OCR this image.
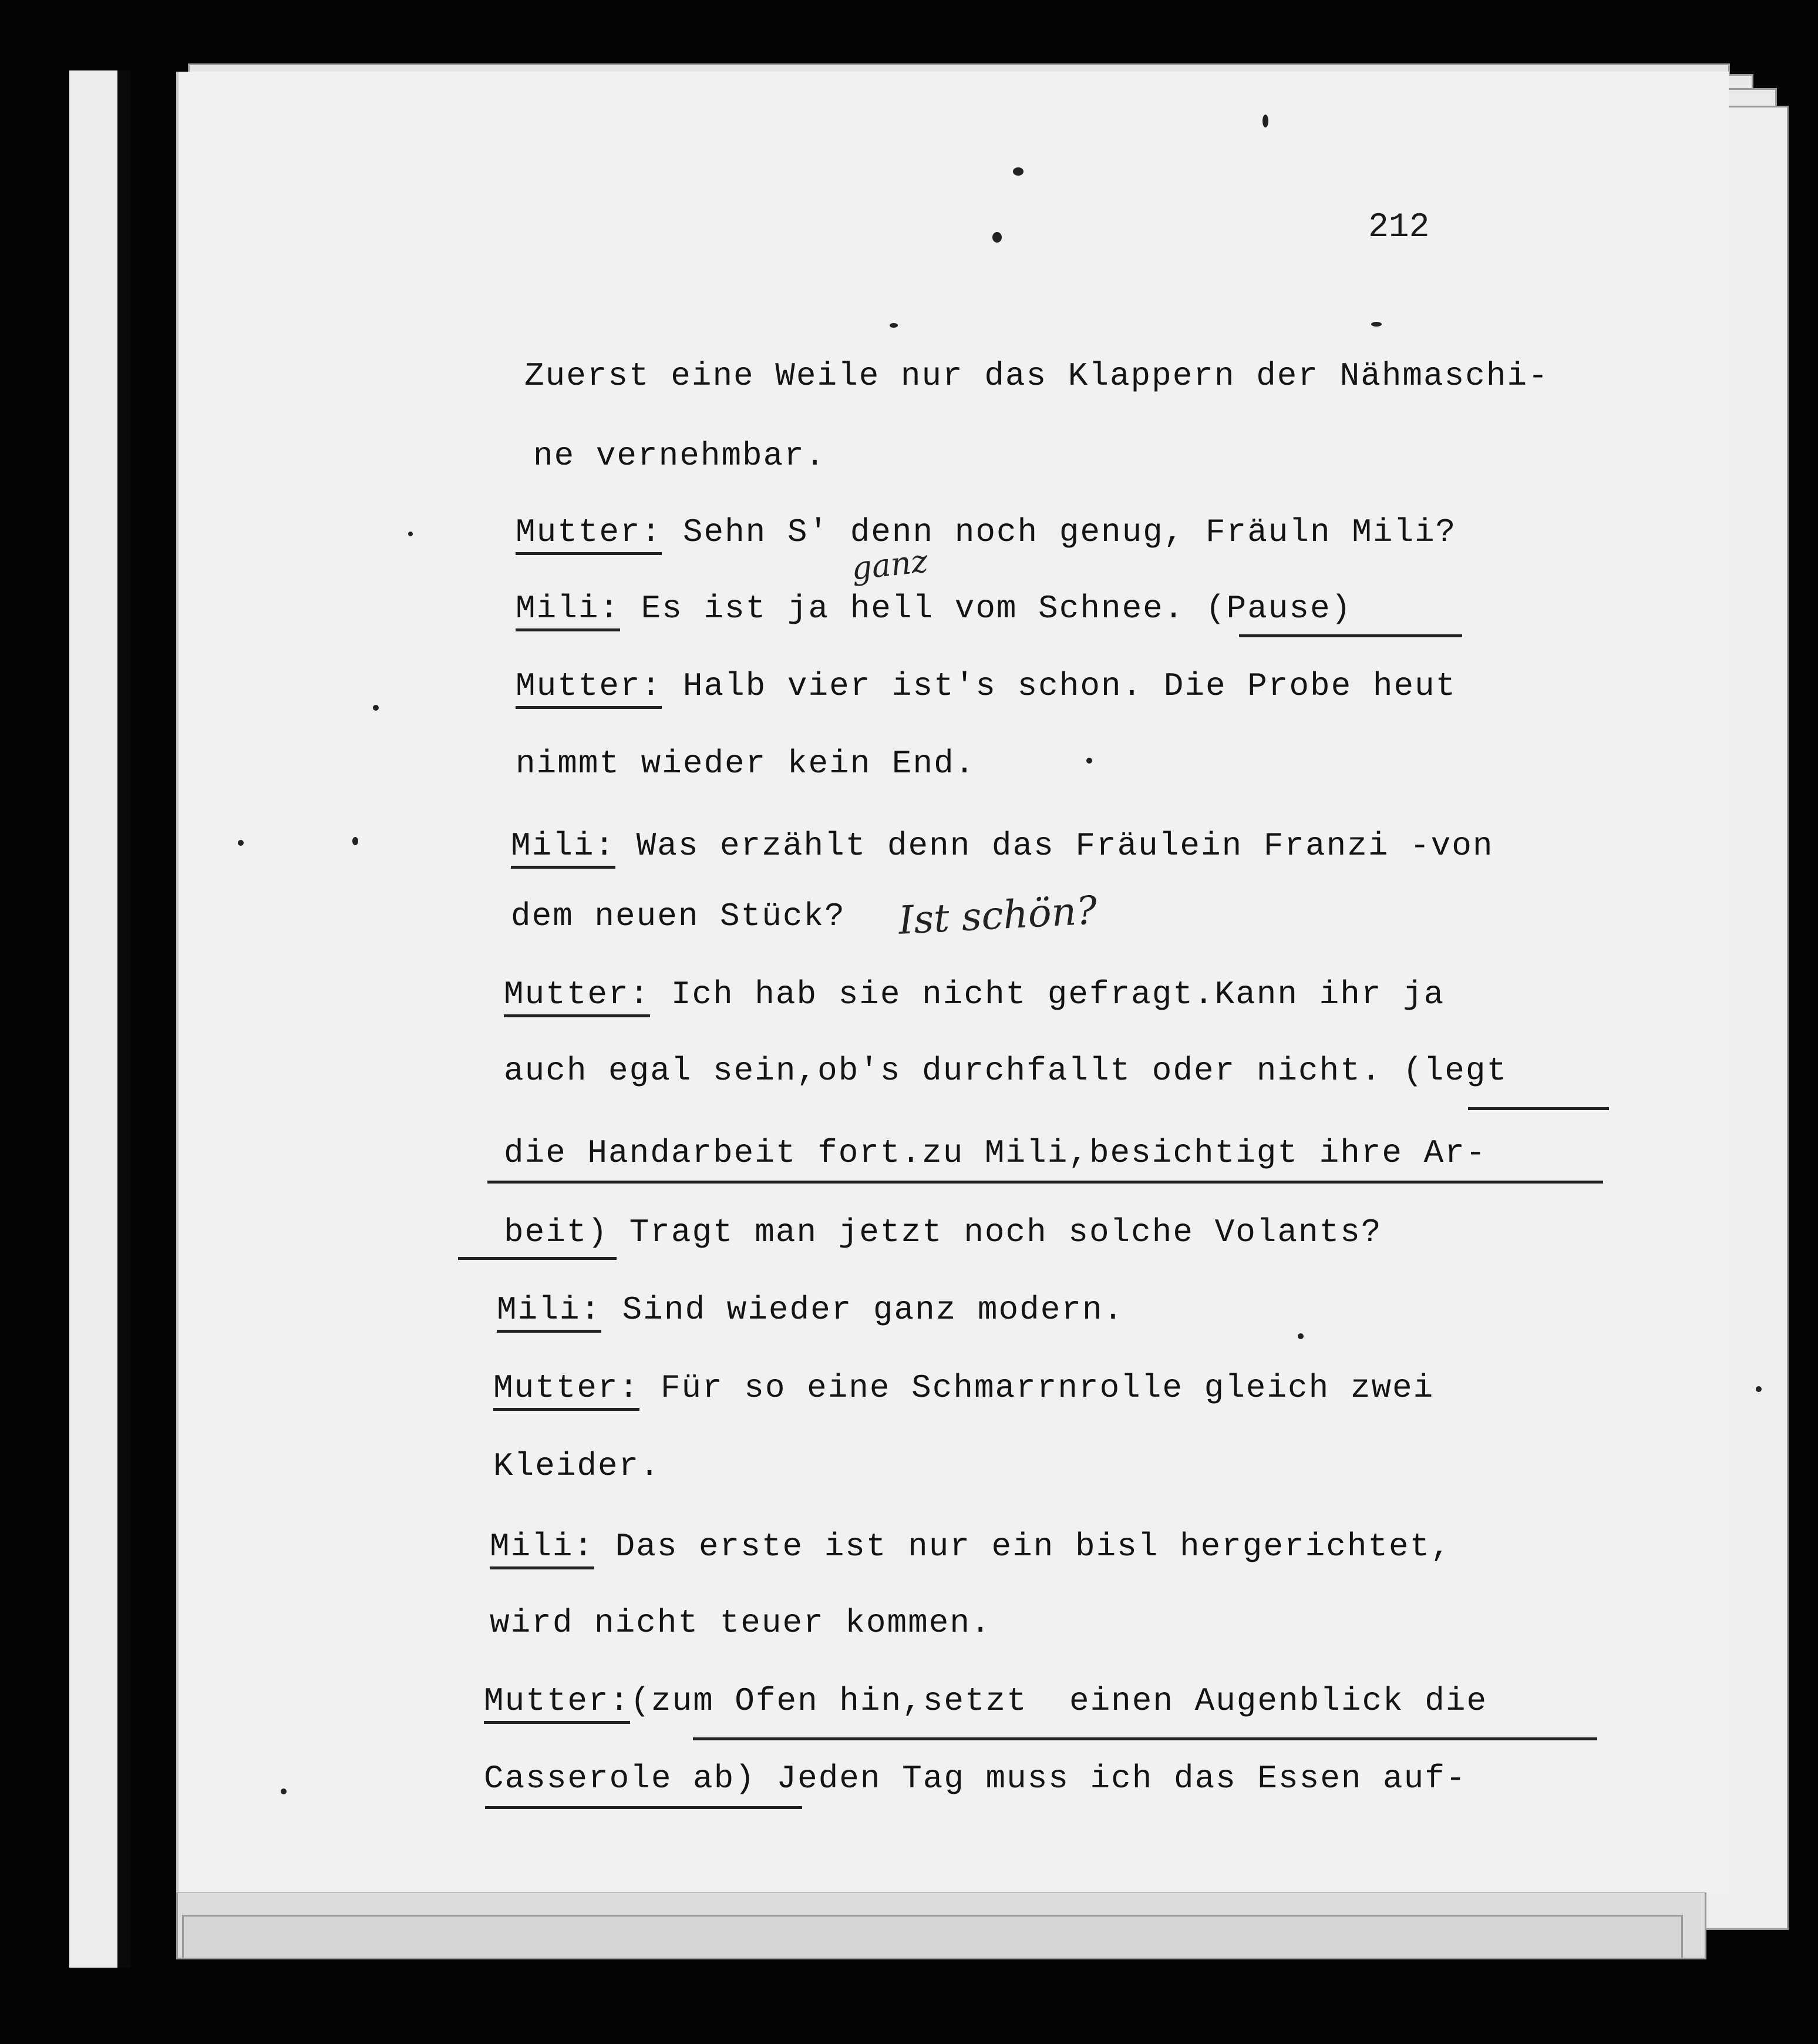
212
Zuerst eine Weile nur das Klappern der Nähmaschi-
ne vernehmbar.
Mutter: Sehn S' denn noch genug, Fräuln Mili?
Mili: Es ist ja hell vom Schnee. (Pause)
Mutter: Halb vier ist's schon. Die Probe heut
nimmt wieder kein End.
Mili: Was erzählt denn das Fräulein Franzi -von
dem neuen Stück?
Mutter: Ich hab sie nicht gefragt.Kann ihr ja
auch egal sein,ob's durchfallt oder nicht. (legt
die Handarbeit fort.zu Mili,besichtigt ihre Ar-
beit) Tragt man jetzt noch solche Volants?
Mili: Sind wieder ganz modern.
Mutter: Für so eine Schmarrnrolle gleich zwei
Kleider.
Mili: Das erste ist nur ein bisl hergerichtet,
wird nicht teuer kommen.
Mutter:(zum Ofen hin,setzt  einen Augenblick die
Casserole ab) Jeden Tag muss ich das Essen auf-
ganz
Ist schön?
